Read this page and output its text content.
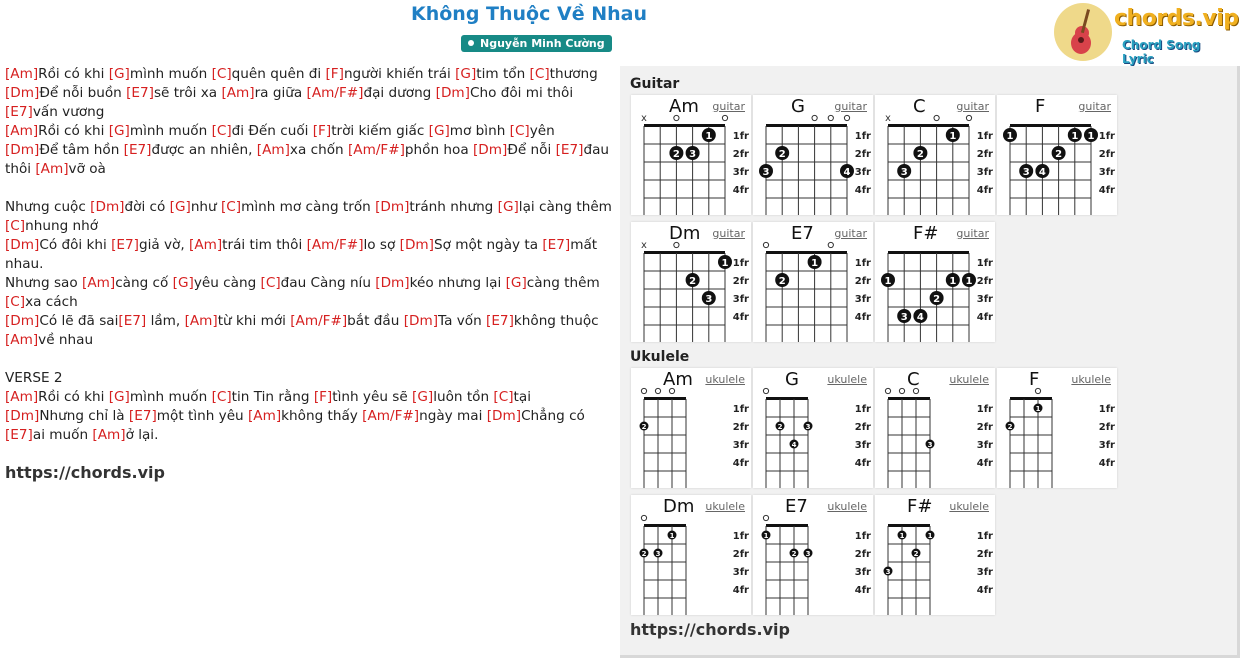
Không Thuộc Về Nhau
Nguyễn Minh Cường
chords.vip
Chord Song Lyric
[Am]Rồi có khi [G]mình muốn [C]quên quên đi [F]người khiến trái [G]tim tổn [C]thương
[Dm]Để nỗi buồn [E7]sẽ trôi xa [Am]ra giữa [Am/F#]đại dương [Dm]Cho đôi mi thôi [E7]vấn vương
[Am]Rồi có khi [G]mình muốn [C]đi Đến cuối [F]trời kiếm giấc [G]mơ bình [C]yên
[Dm]Để tâm hồn [E7]được an nhiên, [Am]xa chốn [Am/F#]phồn hoa [Dm]Để nỗi [E7]đau thôi [Am]vỡ oà
Nhưng cuộc [Dm]đời có [G]như [C]mình mơ càng trốn [Dm]tránh nhưng [G]lại càng thêm [C]nhung nhớ
[Dm]Có đôi khi [E7]giả vờ, [Am]trái tim thôi [Am/F#]lo sợ [Dm]Sợ một ngày ta [E7]mất nhau.
Nhưng sao [Am]càng cố [G]yêu càng [C]đau Càng níu [Dm]kéo nhưng lại [G]càng thêm [C]xa cách
[Dm]Có lẽ đã sai[E7] lầm, [Am]từ khi mới [Am/F#]bắt đầu [Dm]Ta vốn [E7]không thuộc [Am]về nhau
VERSE 2
[Am]Rồi có khi [G]mình muốn [C]tin Tin rằng [F]tình yêu sẽ [G]luôn tồn [C]tại
[Dm]Nhưng chỉ là [E7]một tình yêu [Am]không thấy [Am/F#]ngày mai [Dm]Chẳng có [E7]ai muốn [Am]ở lại.
https://chords.vip
Guitar
Ukulele
https://chords.vip
x
1fr
2fr
3fr
4fr
1
2 3
Am guitar
1fr
2fr
3fr
4fr
3
2
4
G	guitar
x
1fr
2fr
3fr
4fr
3
2
1
C	guitar
1fr
2fr
3fr
4fr
1
2
3 4
1 1
F	guitar
x
1fr
2fr
3fr
4fr
1
2
3
Dm guitar
1fr
2fr
3fr
4fr
1
2
E7 guitar
1fr
2fr
3fr
4fr
1	1 1
2
3 4
F# guitar
1fr
2fr
3fr
4fr
2
Am ukulele
1fr
2fr
3fr
4fr
2	3
4
G	ukulele
1fr
2fr
3fr
4fr
3
C	ukulele
1fr
2fr
3fr
4fr
2
1
F	ukulele
1fr
2fr
3fr
4fr
1
2 3
Dm ukulele
1fr
2fr
3fr
4fr
1
2 3
E7 ukulele
1fr
2fr
3fr
4fr
1	1
2
3
F# ukulele
